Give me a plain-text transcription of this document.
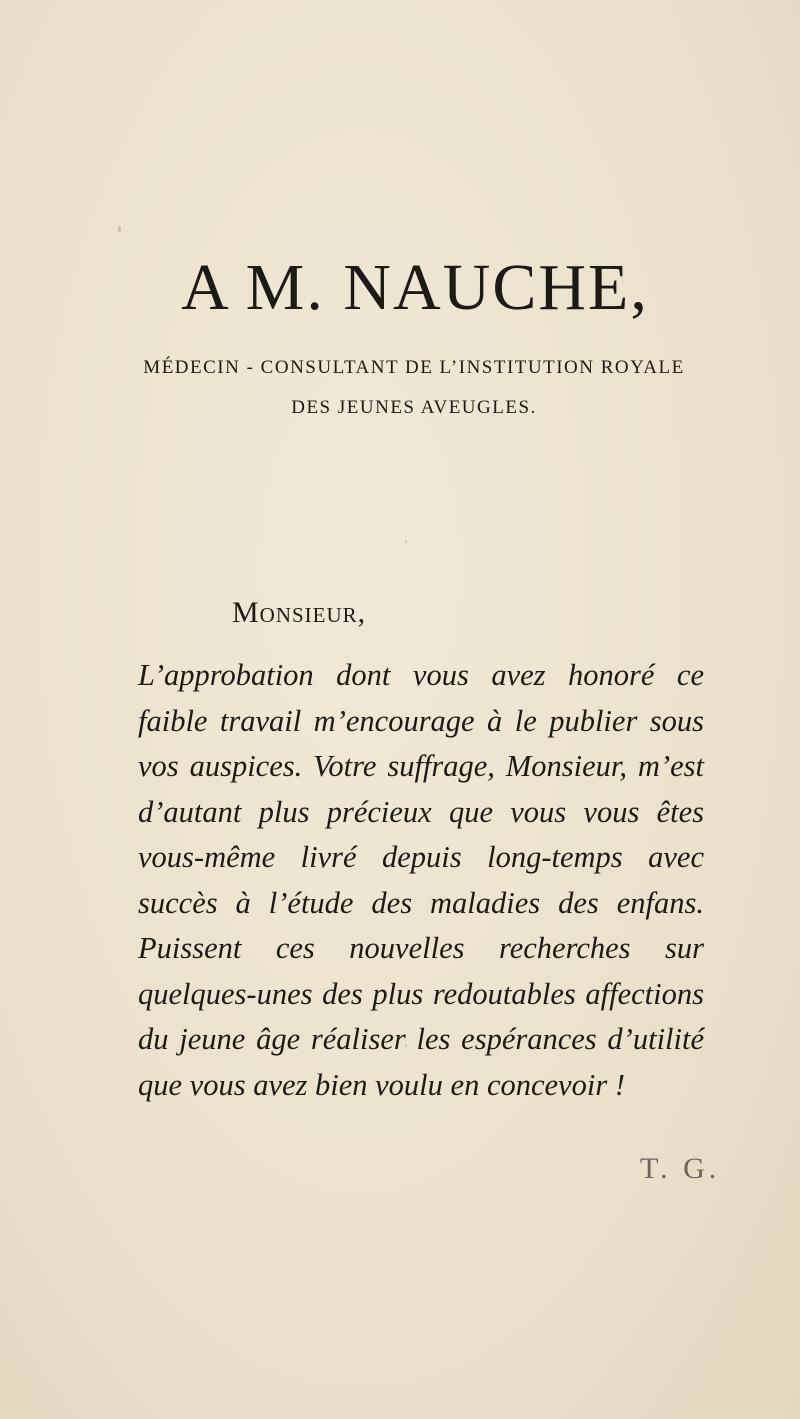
A M. NAUCHE,
MÉDECIN - CONSULTANT DE L’INSTITUTION ROYALE
DES JEUNES AVEUGLES.
Monsieur,
L’approbation dont vous avez honoré ce faible travail m’encourage à le publier sous vos auspices. Votre suffrage, Monsieur, m’est d’autant plus précieux que vous vous êtes vous-même livré depuis long-temps avec succès à l’étude des maladies des enfans. Puissent ces nouvelles recherches sur quelques-unes des plus redoutables affections du jeune âge réaliser les espérances d’utilité que vous avez bien voulu en concevoir !
T. G.
